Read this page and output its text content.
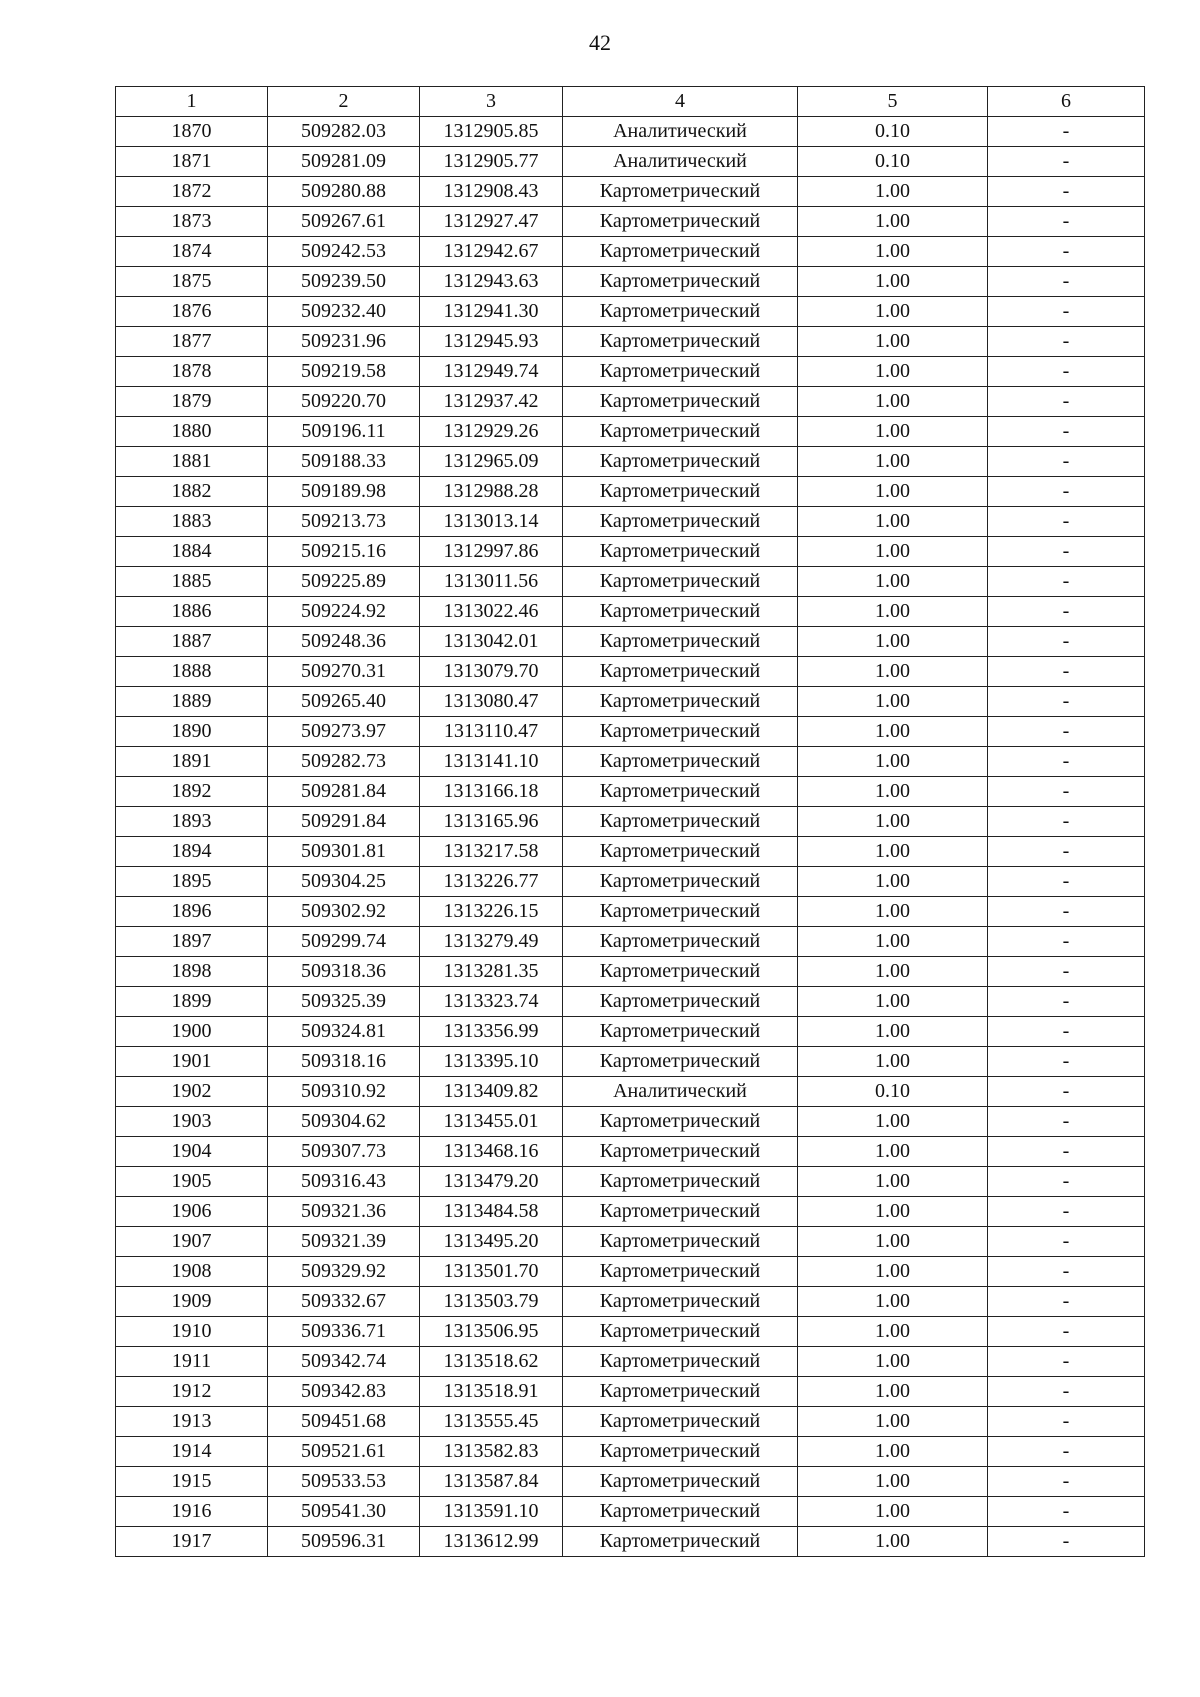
42
1	2	3	4	5	6
1870	509282.03	1312905.85	Аналитический	0.10	-
1871	509281.09	1312905.77	Аналитический	0.10	-
1872	509280.88	1312908.43	Картометрический	1.00	-
1873	509267.61	1312927.47	Картометрический	1.00	-
1874	509242.53	1312942.67	Картометрический	1.00	-
1875	509239.50	1312943.63	Картометрический	1.00	-
1876	509232.40	1312941.30	Картометрический	1.00	-
1877	509231.96	1312945.93	Картометрический	1.00	-
1878	509219.58	1312949.74	Картометрический	1.00	-
1879	509220.70	1312937.42	Картометрический	1.00	-
1880	509196.11	1312929.26	Картометрический	1.00	-
1881	509188.33	1312965.09	Картометрический	1.00	-
1882	509189.98	1312988.28	Картометрический	1.00	-
1883	509213.73	1313013.14	Картометрический	1.00	-
1884	509215.16	1312997.86	Картометрический	1.00	-
1885	509225.89	1313011.56	Картометрический	1.00	-
1886	509224.92	1313022.46	Картометрический	1.00	-
1887	509248.36	1313042.01	Картометрический	1.00	-
1888	509270.31	1313079.70	Картометрический	1.00	-
1889	509265.40	1313080.47	Картометрический	1.00	-
1890	509273.97	1313110.47	Картометрический	1.00	-
1891	509282.73	1313141.10	Картометрический	1.00	-
1892	509281.84	1313166.18	Картометрический	1.00	-
1893	509291.84	1313165.96	Картометрический	1.00	-
1894	509301.81	1313217.58	Картометрический	1.00	-
1895	509304.25	1313226.77	Картометрический	1.00	-
1896	509302.92	1313226.15	Картометрический	1.00	-
1897	509299.74	1313279.49	Картометрический	1.00	-
1898	509318.36	1313281.35	Картометрический	1.00	-
1899	509325.39	1313323.74	Картометрический	1.00	-
1900	509324.81	1313356.99	Картометрический	1.00	-
1901	509318.16	1313395.10	Картометрический	1.00	-
1902	509310.92	1313409.82	Аналитический	0.10	-
1903	509304.62	1313455.01	Картометрический	1.00	-
1904	509307.73	1313468.16	Картометрический	1.00	-
1905	509316.43	1313479.20	Картометрический	1.00	-
1906	509321.36	1313484.58	Картометрический	1.00	-
1907	509321.39	1313495.20	Картометрический	1.00	-
1908	509329.92	1313501.70	Картометрический	1.00	-
1909	509332.67	1313503.79	Картометрический	1.00	-
1910	509336.71	1313506.95	Картометрический	1.00	-
1911	509342.74	1313518.62	Картометрический	1.00	-
1912	509342.83	1313518.91	Картометрический	1.00	-
1913	509451.68	1313555.45	Картометрический	1.00	-
1914	509521.61	1313582.83	Картометрический	1.00	-
1915	509533.53	1313587.84	Картометрический	1.00	-
1916	509541.30	1313591.10	Картометрический	1.00	-
1917	509596.31	1313612.99	Картометрический	1.00	-
